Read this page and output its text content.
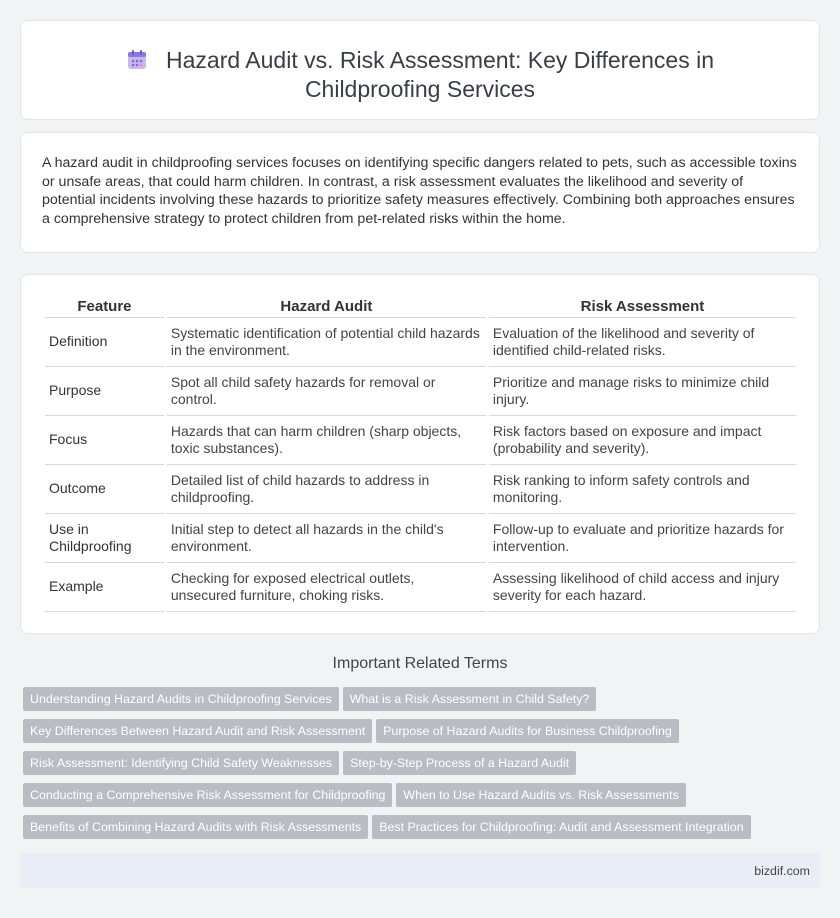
Hazard Audit vs. Risk Assessment: Key Differences in
Childproofing Services

A hazard audit in childproofing services focuses on identifying specific dangers related to pets, such as accessible toxins or unsafe areas, that could harm children. In contrast, a risk assessment evaluates the likelihood and severity of potential incidents involving these hazards to prioritize safety measures effectively. Combining both approaches ensures a comprehensive strategy to protect children from pet-related risks within the home.

Feature	Hazard Audit	Risk Assessment
Definition	Systematic identification of potential child hazards in the environment.	Evaluation of the likelihood and severity of identified child-related risks.
Purpose	Spot all child safety hazards for removal or control.	Prioritize and manage risks to minimize child injury.
Focus	Hazards that can harm children (sharp objects, toxic substances).	Risk factors based on exposure and impact (probability and severity).
Outcome	Detailed list of child hazards to address in childproofing.	Risk ranking to inform safety controls and monitoring.
Use in Childproofing	Initial step to detect all hazards in the child's environment.	Follow-up to evaluate and prioritize hazards for intervention.
Example	Checking for exposed electrical outlets, unsecured furniture, choking risks.	Assessing likelihood of child access and injury severity for each hazard.
Important Related Terms
Understanding Hazard Audits in Childproofing Services What is a Risk Assessment in Child Safety?
Key Differences Between Hazard Audit and Risk Assessment Purpose of Hazard Audits for Business Childproofing
Risk Assessment: Identifying Child Safety Weaknesses Step-by-Step Process of a Hazard Audit
Conducting a Comprehensive Risk Assessment for Childproofing When to Use Hazard Audits vs. Risk Assessments
Benefits of Combining Hazard Audits with Risk Assessments Best Practices for Childproofing: Audit and Assessment Integration
bizdif.com
